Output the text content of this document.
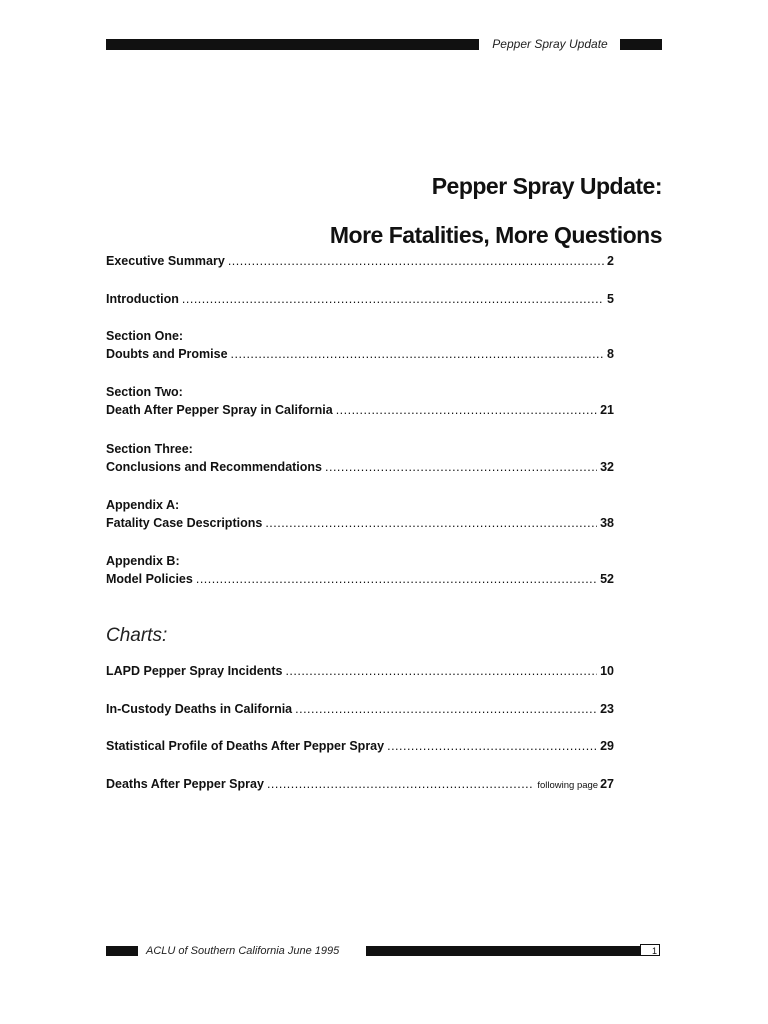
Pepper Spray Update
Pepper Spray Update:
More Fatalities, More Questions
Executive Summary .....	2
Introduction .....	5
Section One:
Doubts and Promise .....	8
Section Two:
Death After Pepper Spray in California .....	21
Section Three:
Conclusions and Recommendations .....	32
Appendix A:
Fatality Case Descriptions .....	38
Appendix B:
Model Policies .....	52
Charts:
LAPD Pepper Spray Incidents .....	10
In-Custody Deaths in California .....	23
Statistical Profile of Deaths After Pepper Spray .....	29
Deaths After Pepper Spray .....	following page 27
ACLU of Southern California June 1995	1
